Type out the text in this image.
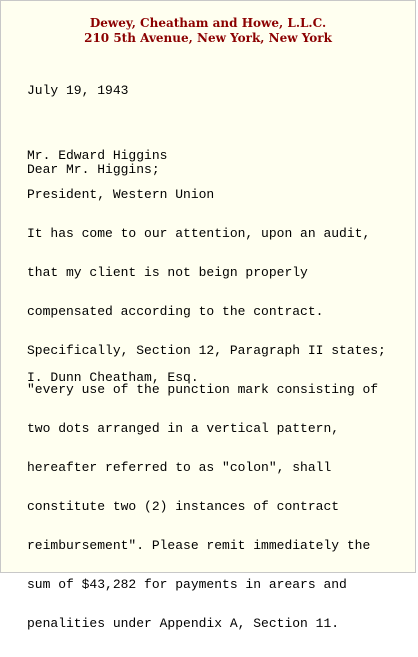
Dewey, Cheatham and Howe, L.L.C.
210 5th Avenue, New York, New York
July 19, 1943

Mr. Edward Higgins

President, Western Union

Dear Mr. Higgins;

It has come to our attention, upon an audit,

that my client is not beign properly

compensated according to the contract.

Specifically, Section 12, Paragraph II states;

"every use of the punction mark consisting of

two dots arranged in a vertical pattern,

hereafter referred to as "colon", shall

constitute two (2) instances of contract

reimbursement". Please remit immediately the

sum of $43,282 for payments in arears and

penalities under Appendix A, Section 11.

I. Dunn Cheatham, Esq.
